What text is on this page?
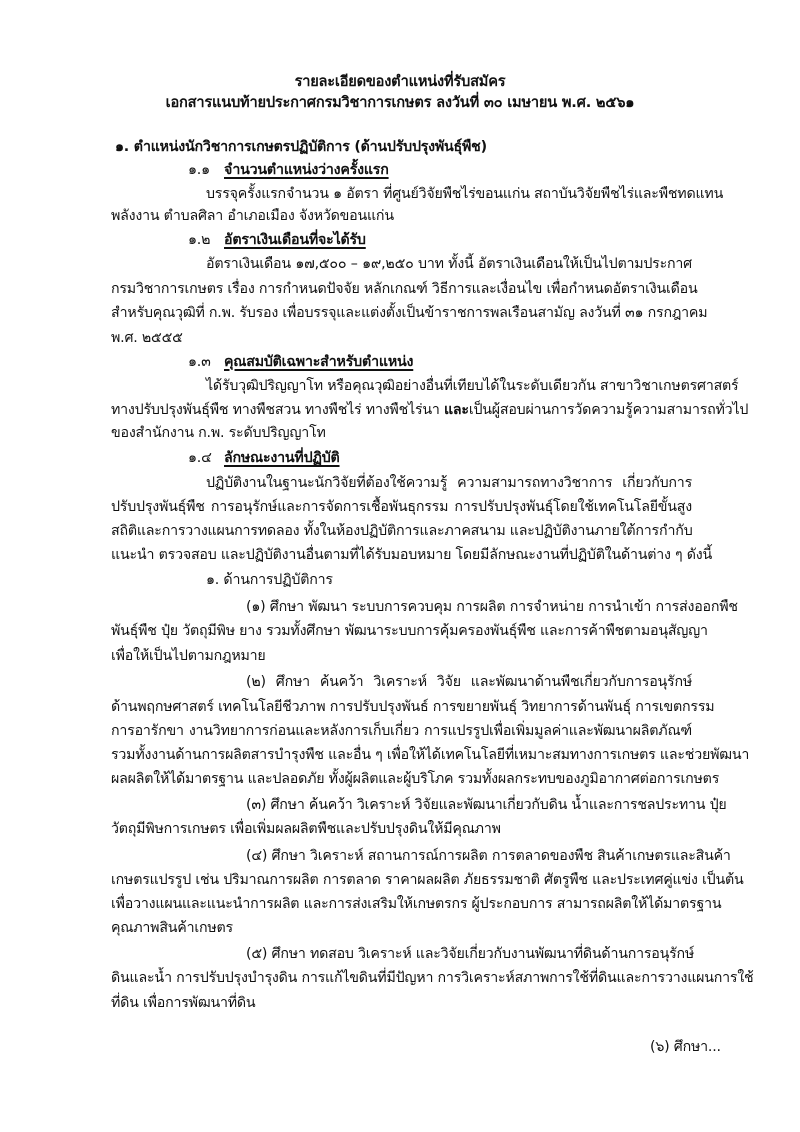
รายละเอียดของตำแหน่งที่รับสมัคร
เอกสารแนบท้ายประกาศกรมวิชาการเกษตร ลงวันที่ ๓๐ เมษายน พ.ศ. ๒๕๖๑
๑. ตำแหน่งนักวิชาการเกษตรปฏิบัติการ (ด้านปรับปรุงพันธุ์พืช)
๑.๑ จำนวนตำแหน่งว่างครั้งแรก
บรรจุครั้งแรกจำนวน ๑ อัตรา ที่ศูนย์วิจัยพืชไร่ขอนแก่น สถาบันวิจัยพืชไร่และพืชทดแทน
พลังงาน ตำบลศิลา อำเภอเมือง จังหวัดขอนแก่น
๑.๒ อัตราเงินเดือนที่จะได้รับ
อัตราเงินเดือน ๑๗,๕๐๐ – ๑๙,๒๕๐ บาท ทั้งนี้ อัตราเงินเดือนให้เป็นไปตามประกาศ
กรมวิชาการเกษตร เรื่อง การกำหนดปัจจัย หลักเกณฑ์ วิธีการและเงื่อนไข เพื่อกำหนดอัตราเงินเดือน
สำหรับคุณวุฒิที่ ก.พ. รับรอง เพื่อบรรจุและแต่งตั้งเป็นข้าราชการพลเรือนสามัญ ลงวันที่ ๓๑ กรกฎาคม
พ.ศ. ๒๕๕๕
๑.๓ คุณสมบัติเฉพาะสำหรับตำแหน่ง
ได้รับวุฒิปริญญาโท หรือคุณวุฒิอย่างอื่นที่เทียบได้ในระดับเดียวกัน สาขาวิชาเกษตรศาสตร์
ทางปรับปรุงพันธุ์พืช ทางพืชสวน ทางพืชไร่ ทางพืชไร่นา และเป็นผู้สอบผ่านการวัดความรู้ความสามารถทั่วไป
ของสำนักงาน ก.พ. ระดับปริญญาโท
๑.๔ ลักษณะงานที่ปฏิบัติ
ปฏิบัติงานในฐานะนักวิจัยที่ต้องใช้ความรู้ ความสามารถทางวิชาการ เกี่ยวกับการ
ปรับปรุงพันธุ์พืช การอนุรักษ์และการจัดการเชื้อพันธุกรรม การปรับปรุงพันธุ์โดยใช้เทคโนโลยีขั้นสูง
สถิติและการวางแผนการทดลอง ทั้งในห้องปฏิบัติการและภาคสนาม และปฏิบัติงานภายใต้การกำกับ
แนะนำ ตรวจสอบ และปฏิบัติงานอื่นตามที่ได้รับมอบหมาย โดยมีลักษณะงานที่ปฏิบัติในด้านต่าง ๆ ดังนี้
๑. ด้านการปฏิบัติการ
(๑) ศึกษา พัฒนา ระบบการควบคุม การผลิต การจำหน่าย การนำเข้า การส่งออกพืช
พันธุ์พืช ปุ๋ย วัตถุมีพิษ ยาง รวมทั้งศึกษา พัฒนาระบบการคุ้มครองพันธุ์พืช และการค้าพืชตามอนุสัญญา
เพื่อให้เป็นไปตามกฎหมาย
(๒) ศึกษา ค้นคว้า วิเคราะห์ วิจัย และพัฒนาด้านพืชเกี่ยวกับการอนุรักษ์
ด้านพฤกษศาสตร์ เทคโนโลยีชีวภาพ การปรับปรุงพันธ์ การขยายพันธุ์ วิทยาการด้านพันธุ์ การเขตกรรม
การอารักขา งานวิทยาการก่อนและหลังการเก็บเกี่ยว การแปรรูปเพื่อเพิ่มมูลค่าและพัฒนาผลิตภัณฑ์
รวมทั้งงานด้านการผลิตสารบำรุงพืช และอื่น ๆ เพื่อให้ได้เทคโนโลยีที่เหมาะสมทางการเกษตร และช่วยพัฒนา
ผลผลิตให้ได้มาตรฐาน และปลอดภัย ทั้งผู้ผลิตและผู้บริโภค รวมทั้งผลกระทบของภูมิอากาศต่อการเกษตร
(๓) ศึกษา ค้นคว้า วิเคราะห์ วิจัยและพัฒนาเกี่ยวกับดิน น้ำและการชลประทาน ปุ๋ย
วัตถุมีพิษการเกษตร เพื่อเพิ่มผลผลิตพืชและปรับปรุงดินให้มีคุณภาพ
(๔) ศึกษา วิเคราะห์ สถานการณ์การผลิต การตลาดของพืช สินค้าเกษตรและสินค้า
เกษตรแปรรูป เช่น ปริมาณการผลิต การตลาด ราคาผลผลิต ภัยธรรมชาติ ศัตรูพืช และประเทศคู่แข่ง เป็นต้น
เพื่อวางแผนและแนะนำการผลิต และการส่งเสริมให้เกษตรกร ผู้ประกอบการ สามารถผลิตให้ได้มาตรฐาน
คุณภาพสินค้าเกษตร
(๕) ศึกษา ทดสอบ วิเคราะห์ และวิจัยเกี่ยวกับงานพัฒนาที่ดินด้านการอนุรักษ์
ดินและน้ำ การปรับปรุงบำรุงดิน การแก้ไขดินที่มีปัญหา การวิเคราะห์สภาพการใช้ที่ดินและการวางแผนการใช้
ที่ดิน เพื่อการพัฒนาที่ดิน
(๖) ศึกษา...
